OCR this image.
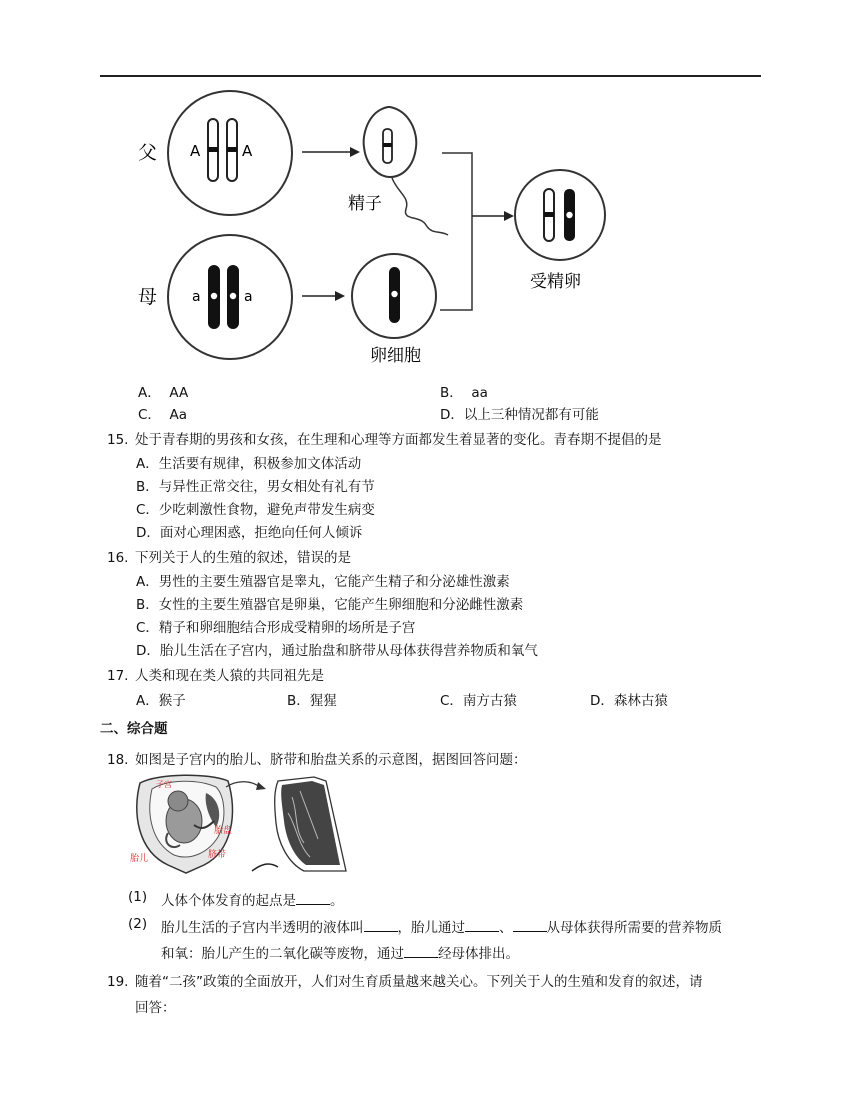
父 A	A
精子
受精卵
母 a	a
卵细胞
A． AA	B． aa
C． Aa	D．以上三种情况都有可能
15. 处于青春期的男孩和女孩，在生理和心理等方面都发生着显著的变化。青春期不提倡的是
A．生活要有规律，积极参加文体活动
B．与异性正常交往，男女相处有礼有节
C．少吃刺激性食物，避免声带发生病变
D．面对心理困惑，拒绝向任何人倾诉
16. 下列关于人的生殖的叙述，错误的是
A．男性的主要生殖器官是睾丸，它能产生精子和分泌雄性激素
B．女性的主要生殖器官是卵巢，它能产生卵细胞和分泌雌性激素
C．精子和卵细胞结合形成受精卵的场所是子宫
D．胎儿生活在子宫内，通过胎盘和脐带从母体获得营养物质和氧气
17. 人类和现在类人猿的共同祖先是
A．猴子	B．猩猩	C．南方古猿	D．森林古猿
二、综合题
18. 如图是子宫内的胎儿、脐带和胎盘关系的示意图，据图回答问题：
子宫
胎盘
脐带
胎儿
(1) 人体个体发育的起点是	。
(2) 胎儿生活的子宫内半透明的液体叫	，胎儿通过	、	从母体获得所需要的营养物质
和氧：胎儿产生的二氧化碳等废物，通过	经母体排出。
19. 随着“二孩”政策的全面放开，人们对生育质量越来越关心。下列关于人的生殖和发育的叙述，请
回答：
